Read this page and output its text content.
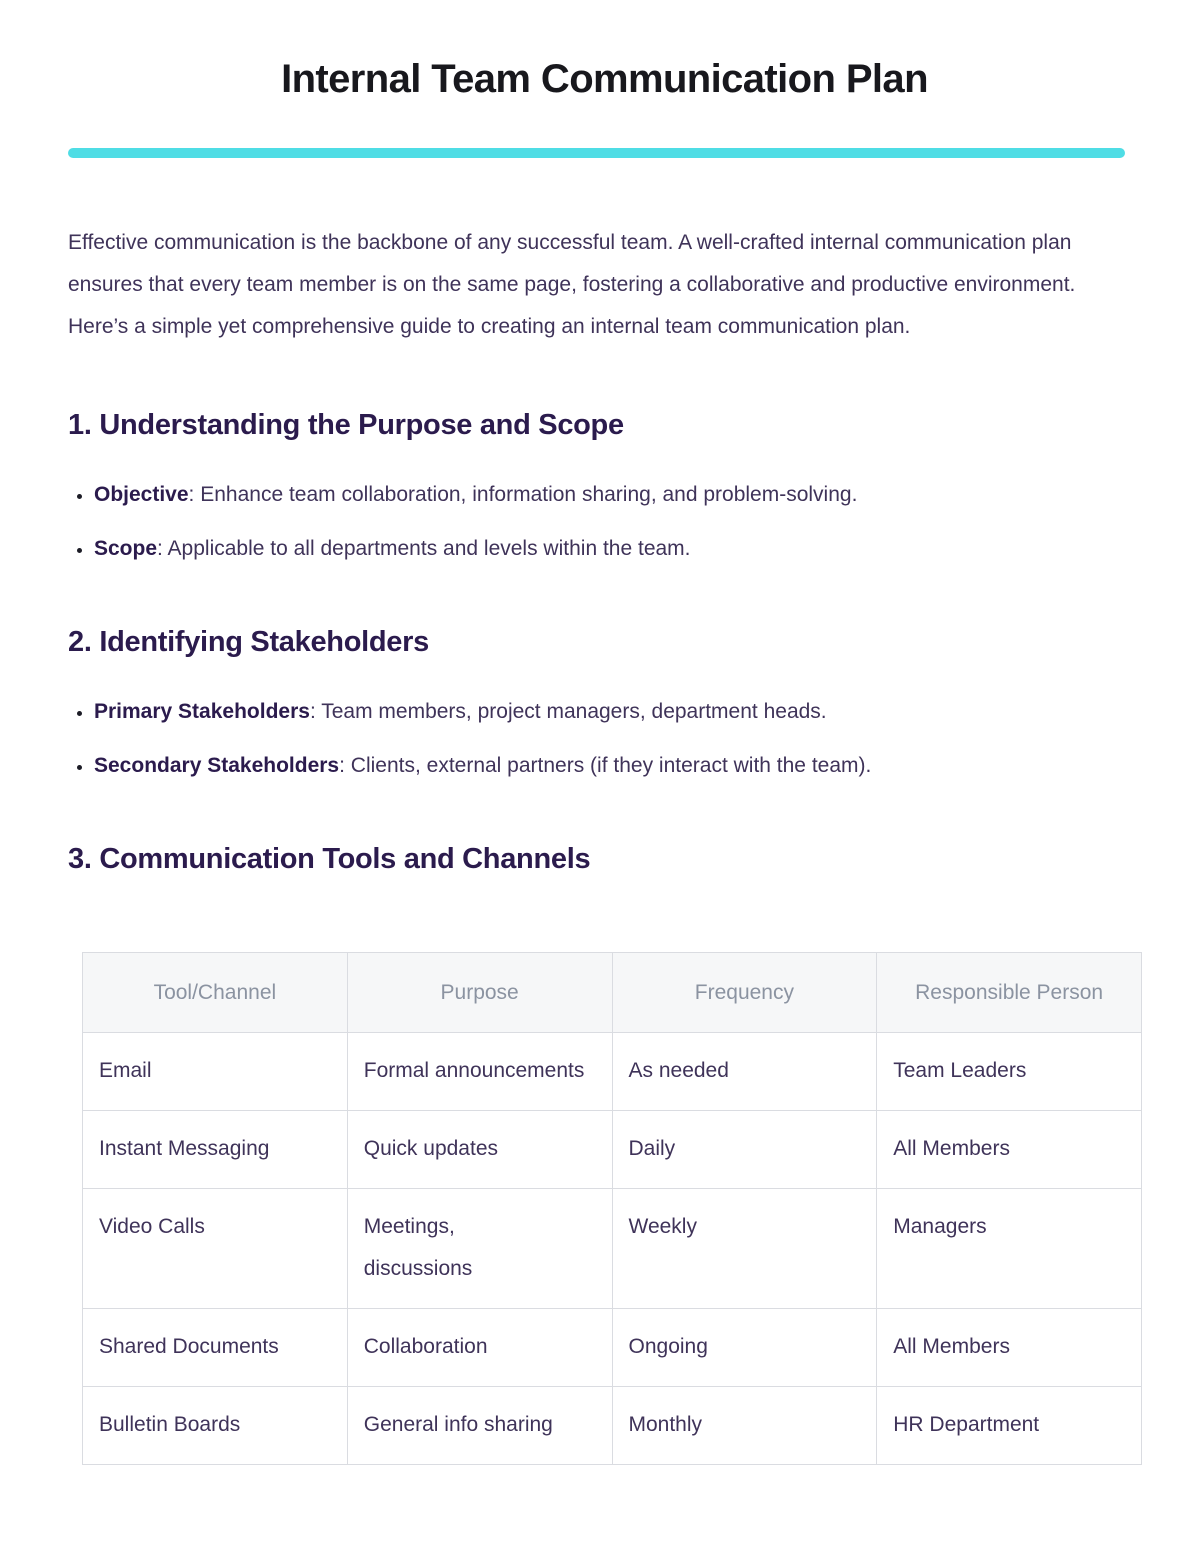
Internal Team Communication Plan

Effective communication is the backbone of any successful team. A well-crafted internal communication plan ensures that every team member is on the same page, fostering a collaborative and productive environment. Here’s a simple yet comprehensive guide to creating an internal team communication plan.

1. Understanding the Purpose and Scope
• Objective: Enhance team collaboration, information sharing, and problem-solving.
• Scope: Applicable to all departments and levels within the team.
2. Identifying Stakeholders
• Primary Stakeholders: Team members, project managers, department heads.
• Secondary Stakeholders: Clients, external partners (if they interact with the team).
3. Communication Tools and Channels
Tool/Channel	Purpose	Frequency	Responsible Person
Email	Formal announcements	As needed	Team Leaders
Instant Messaging	Quick updates	Daily	All Members
Video Calls	Meetings, discussions	Weekly	Managers
Shared Documents	Collaboration	Ongoing	All Members
Bulletin Boards	General info sharing	Monthly	HR Department
